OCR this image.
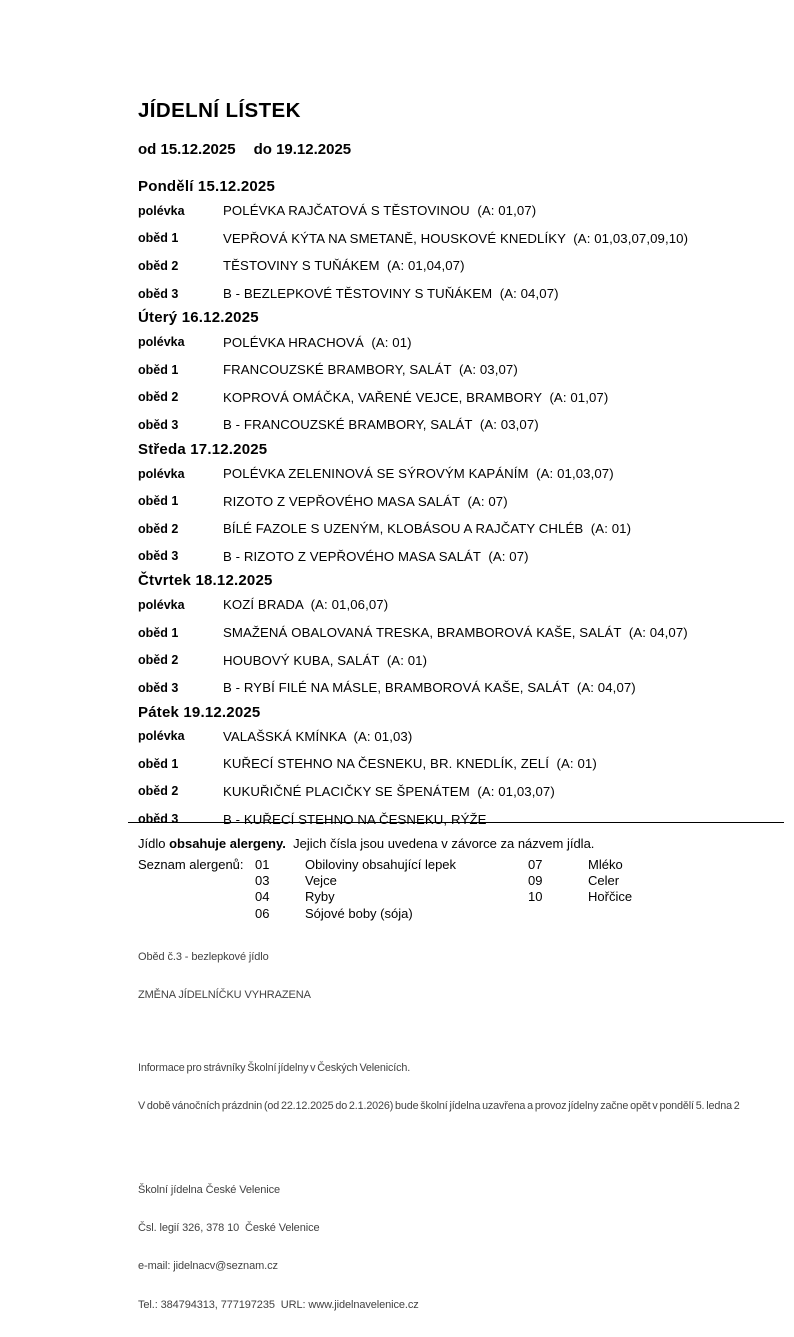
JÍDELNÍ LÍSTEK
od 15.12.2025 do 19.12.2025
Pondělí 15.12.2025
polévka	POLÉVKA RAJČATOVÁ S TĚSTOVINOU  (A: 01,07)
oběd 1	VEPŘOVÁ KÝTA NA SMETANĚ, HOUSKOVÉ KNEDLÍKY  (A: 01,03,07,09,10)
oběd 2	TĚSTOVINY S TUŇÁKEM  (A: 01,04,07)
oběd 3	B - BEZLEPKOVÉ TĚSTOVINY S TUŇÁKEM  (A: 04,07)
Úterý 16.12.2025
polévka	POLÉVKA HRACHOVÁ  (A: 01)
oběd 1	FRANCOUZSKÉ BRAMBORY, SALÁT  (A: 03,07)
oběd 2	KOPROVÁ OMÁČKA, VAŘENÉ VEJCE, BRAMBORY  (A: 01,07)
oběd 3	B - FRANCOUZSKÉ BRAMBORY, SALÁT  (A: 03,07)
Středa 17.12.2025
polévka	POLÉVKA ZELENINOVÁ SE SÝROVÝM KAPÁNÍM  (A: 01,03,07)
oběd 1	RIZOTO Z VEPŘOVÉHO MASA SALÁT  (A: 07)
oběd 2	BÍLÉ FAZOLE S UZENÝM, KLOBÁSOU A RAJČATY CHLÉB  (A: 01)
oběd 3	B - RIZOTO Z VEPŘOVÉHO MASA SALÁT  (A: 07)
Čtvrtek 18.12.2025
polévka	KOZÍ BRADA  (A: 01,06,07)
oběd 1	SMAŽENÁ OBALOVANÁ TRESKA, BRAMBOROVÁ KAŠE, SALÁT  (A: 04,07)
oběd 2	HOUBOVÝ KUBA, SALÁT  (A: 01)
oběd 3	B - RYBÍ FILÉ NA MÁSLE, BRAMBOROVÁ KAŠE, SALÁT  (A: 04,07)
Pátek 19.12.2025
polévka	VALAŠSKÁ KMÍNKA  (A: 01,03)
oběd 1	KUŘECÍ STEHNO NA ČESNEKU, BR. KNEDLÍK, ZELÍ  (A: 01)
oběd 2	KUKUŘIČNÉ PLACIČKY SE ŠPENÁTEM  (A: 01,03,07)
oběd 3	B - KUŘECÍ STEHNO NA ČESNEKU, RÝŽE
Jídlo obsahuje alergeny.  Jejich čísla jsou uvedena v závorce za názvem jídla.
Seznam alergenů: 01	Obiloviny obsahující lepek	07	Mléko
03	Vejce	09	Celer
04	Ryby	10	Hořčice
06	Sójové boby (sója)

Oběd č.3 - bezlepkové jídlo

ZMĚNA JÍDELNÍČKU VYHRAZENA

Informace pro strávníky Školní jídelny v Českých Velenicích.

V době vánočních prázdnin (od 22.12.2025 do 2.1.2026) bude školní jídelna uzavřena a provoz jídelny začne opět v pondělí 5. ledna 2

Školní jídelna České Velenice

Čsl. legií 326, 378 10  České Velenice

e-mail: jidelnacv@seznam.cz

Tel.: 384794313, 777197235  URL: www.jidelnavelenice.cz
